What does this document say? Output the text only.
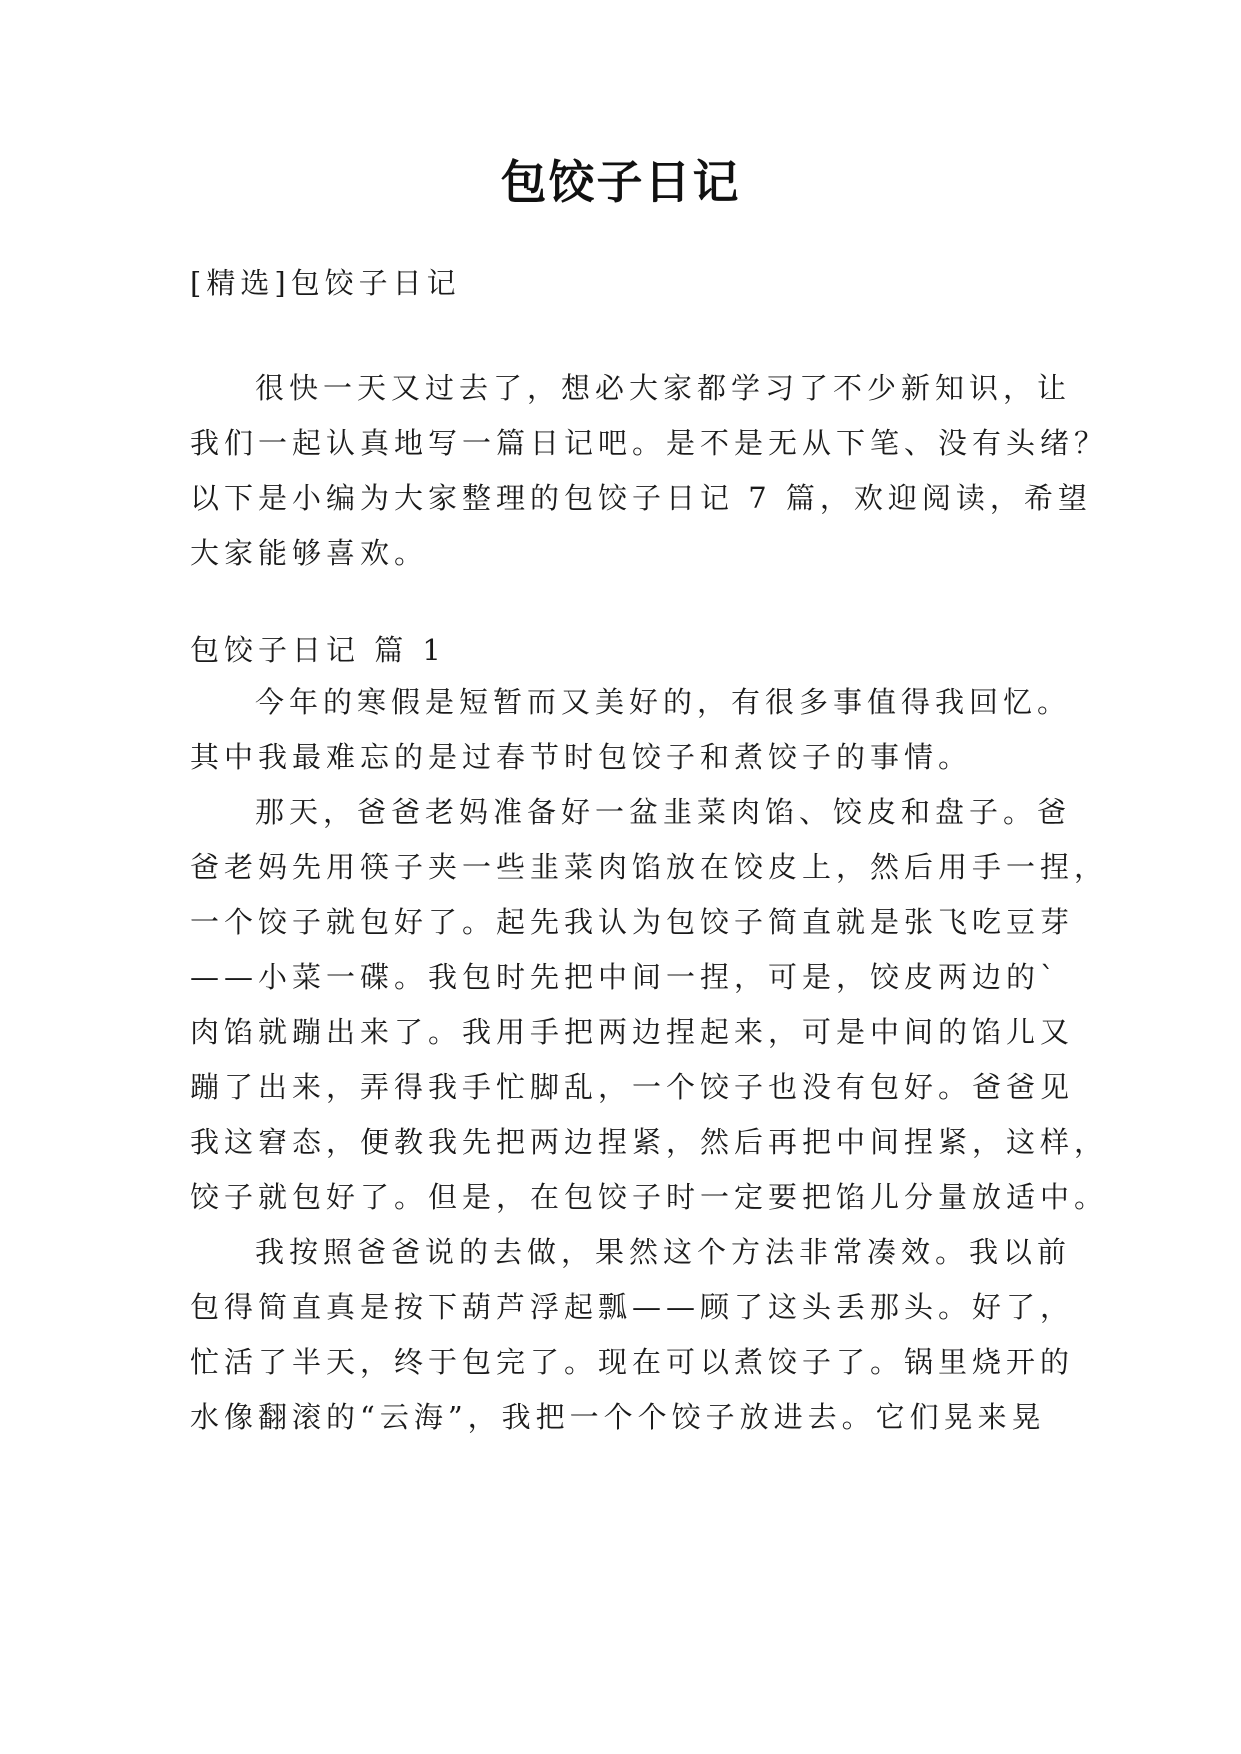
包饺子日记
[精选]包饺子日记
很快一天又过去了，想必大家都学习了不少新知识，让
我们一起认真地写一篇日记吧。是不是无从下笔、没有头绪？
以下是小编为大家整理的包饺子日记 7 篇，欢迎阅读，希望
大家能够喜欢。
包饺子日记 篇 1
今年的寒假是短暂而又美好的，有很多事值得我回忆。
其中我最难忘的是过春节时包饺子和煮饺子的事情。
那天，爸爸老妈准备好一盆韭菜肉馅、饺皮和盘子。爸
爸老妈先用筷子夹一些韭菜肉馅放在饺皮上，然后用手一捏，
一个饺子就包好了。起先我认为包饺子简直就是张飞吃豆芽
——小菜一碟。我包时先把中间一捏，可是，饺皮两边的`
肉馅就蹦出来了。我用手把两边捏起来，可是中间的馅儿又
蹦了出来，弄得我手忙脚乱，一个饺子也没有包好。爸爸见
我这窘态，便教我先把两边捏紧，然后再把中间捏紧，这样，
饺子就包好了。但是，在包饺子时一定要把馅儿分量放适中。
我按照爸爸说的去做，果然这个方法非常凑效。我以前
包得简直真是按下葫芦浮起瓢——顾了这头丢那头。好了，
忙活了半天，终于包完了。现在可以煮饺子了。锅里烧开的
水像翻滚的“云海”，我把一个个饺子放进去。它们晃来晃
